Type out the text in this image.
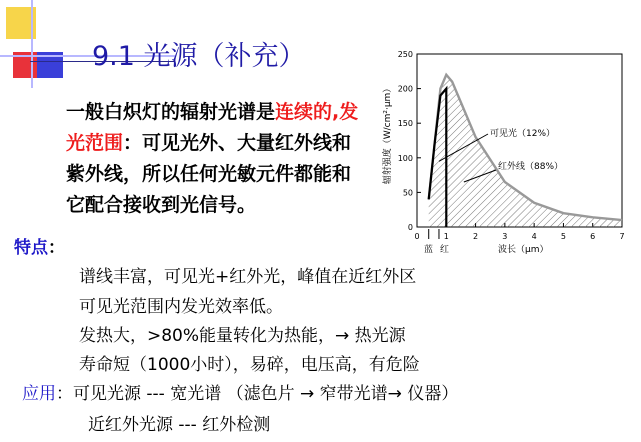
9.1 光源（补充）
一般白炽灯的辐射光谱是连续的,发光范围：可见光外、大量红外线和紫外线，所以任何光敏元件都能和它配合接收到光信号。
0
50
100
150
200
250
0	1	2	3	4	5	6	7
辐射强度（W/cm²·μm）
波长（μm）
可见光（12%）
红外线（88%）
蓝 红
特点：
谱线丰富，可见光+红外光，峰值在近红外区
可见光范围内发光效率低。
发热大，>80%能量转化为热能，→ 热光源
寿命短（1000小时），易碎，电压高，有危险
应用：可见光源 --- 宽光谱 （滤色片 → 窄带光谱→ 仪器）
近红外光源 --- 红外检测
